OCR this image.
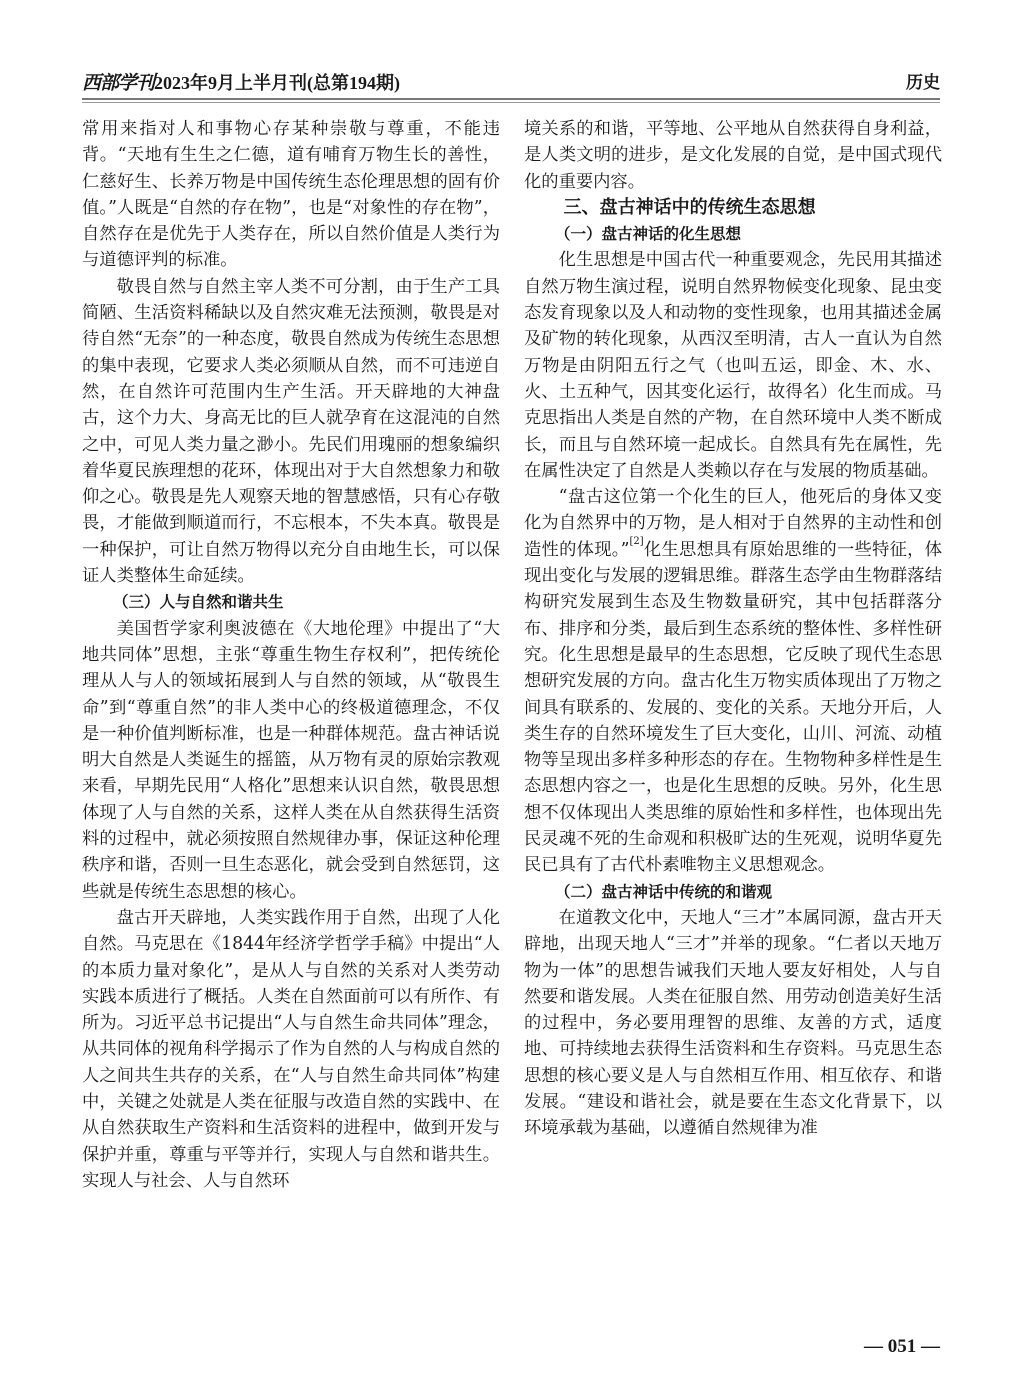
西部学刊2023年9月上半月刊(总第194期)	历史

常用来指对人和事物心存某种崇敬与尊重，不能违背。“天地有生生之仁德，道有哺育万物生长的善性，仁慈好生、长养万物是中国传统生态伦理思想的固有价值。”人既是“自然的存在物”，也是“对象性的存在物”，自然存在是优先于人类存在，所以自然价值是人类行为与道德评判的标准。

敬畏自然与自然主宰人类不可分割，由于生产工具简陋、生活资料稀缺以及自然灾难无法预测，敬畏是对待自然“无奈”的一种态度，敬畏自然成为传统生态思想的集中表现，它要求人类必须顺从自然，而不可违逆自然，在自然许可范围内生产生活。开天辟地的大神盘古，这个力大、身高无比的巨人就孕育在这混沌的自然之中，可见人类力量之渺小。先民们用瑰丽的想象编织着华夏民族理想的花环，体现出对于大自然想象力和敬仰之心。敬畏是先人观察天地的智慧感悟，只有心存敬畏，才能做到顺道而行，不忘根本，不失本真。敬畏是一种保护，可让自然万物得以充分自由地生长，可以保证人类整体生命延续。

（三）人与自然和谐共生

美国哲学家利奥波德在《大地伦理》中提出了“大地共同体”思想，主张“尊重生物生存权利”，把传统伦理从人与人的领域拓展到人与自然的领域，从“敬畏生命”到“尊重自然”的非人类中心的终极道德理念，不仅是一种价值判断标准，也是一种群体规范。盘古神话说明大自然是人类诞生的摇篮，从万物有灵的原始宗教观来看，早期先民用“人格化”思想来认识自然，敬畏思想体现了人与自然的关系，这样人类在从自然获得生活资料的过程中，就必须按照自然规律办事，保证这种伦理秩序和谐，否则一旦生态恶化，就会受到自然惩罚，这些就是传统生态思想的核心。

盘古开天辟地，人类实践作用于自然，出现了人化自然。马克思在《1844年经济学哲学手稿》中提出“人的本质力量对象化”，是从人与自然的关系对人类劳动实践本质进行了概括。人类在自然面前可以有所作、有所为。习近平总书记提出“人与自然生命共同体”理念，从共同体的视角科学揭示了作为自然的人与构成自然的人之间共生共存的关系，在“人与自然生命共同体”构建中，关键之处就是人类在征服与改造自然的实践中、在从自然获取生产资料和生活资料的进程中，做到开发与保护并重，尊重与平等并行，实现人与自然和谐共生。实现人与社会、人与自然环

境关系的和谐，平等地、公平地从自然获得自身利益，是人类文明的进步，是文化发展的自觉，是中国式现代化的重要内容。

三、盘古神话中的传统生态思想
（一）盘古神话的化生思想

化生思想是中国古代一种重要观念，先民用其描述自然万物生演过程，说明自然界物候变化现象、昆虫变态发育现象以及人和动物的变性现象，也用其描述金属及矿物的转化现象，从西汉至明清，古人一直认为自然万物是由阴阳五行之气（也叫五运，即金、木、水、火、土五种气，因其变化运行，故得名）化生而成。马克思指出人类是自然的产物，在自然环境中人类不断成长，而且与自然环境一起成长。自然具有先在属性，先在属性决定了自然是人类赖以存在与发展的物质基础。

“盘古这位第一个化生的巨人，他死后的身体又变化为自然界中的万物，是人相对于自然界的主动性和创造性的体现。”[2]化生思想具有原始思维的一些特征，体现出变化与发展的逻辑思维。群落生态学由生物群落结构研究发展到生态及生物数量研究，其中包括群落分布、排序和分类，最后到生态系统的整体性、多样性研究。化生思想是最早的生态思想，它反映了现代生态思想研究发展的方向。盘古化生万物实质体现出了万物之间具有联系的、发展的、变化的关系。天地分开后，人类生存的自然环境发生了巨大变化，山川、河流、动植物等呈现出多样多种形态的存在。生物物种多样性是生态思想内容之一，也是化生思想的反映。另外，化生思想不仅体现出人类思维的原始性和多样性，也体现出先民灵魂不死的生命观和积极旷达的生死观，说明华夏先民已具有了古代朴素唯物主义思想观念。

（二）盘古神话中传统的和谐观

在道教文化中，天地人“三才”本属同源，盘古开天辟地，出现天地人“三才”并举的现象。“仁者以天地万物为一体”的思想告诫我们天地人要友好相处，人与自然要和谐发展。人类在征服自然、用劳动创造美好生活的过程中，务必要用理智的思维、友善的方式，适度地、可持续地去获得生活资料和生存资料。马克思生态思想的核心要义是人与自然相互作用、相互依存、和谐发展。“建设和谐社会，就是要在生态文化背景下，以环境承载为基础，以遵循自然规律为准

— 051 —
